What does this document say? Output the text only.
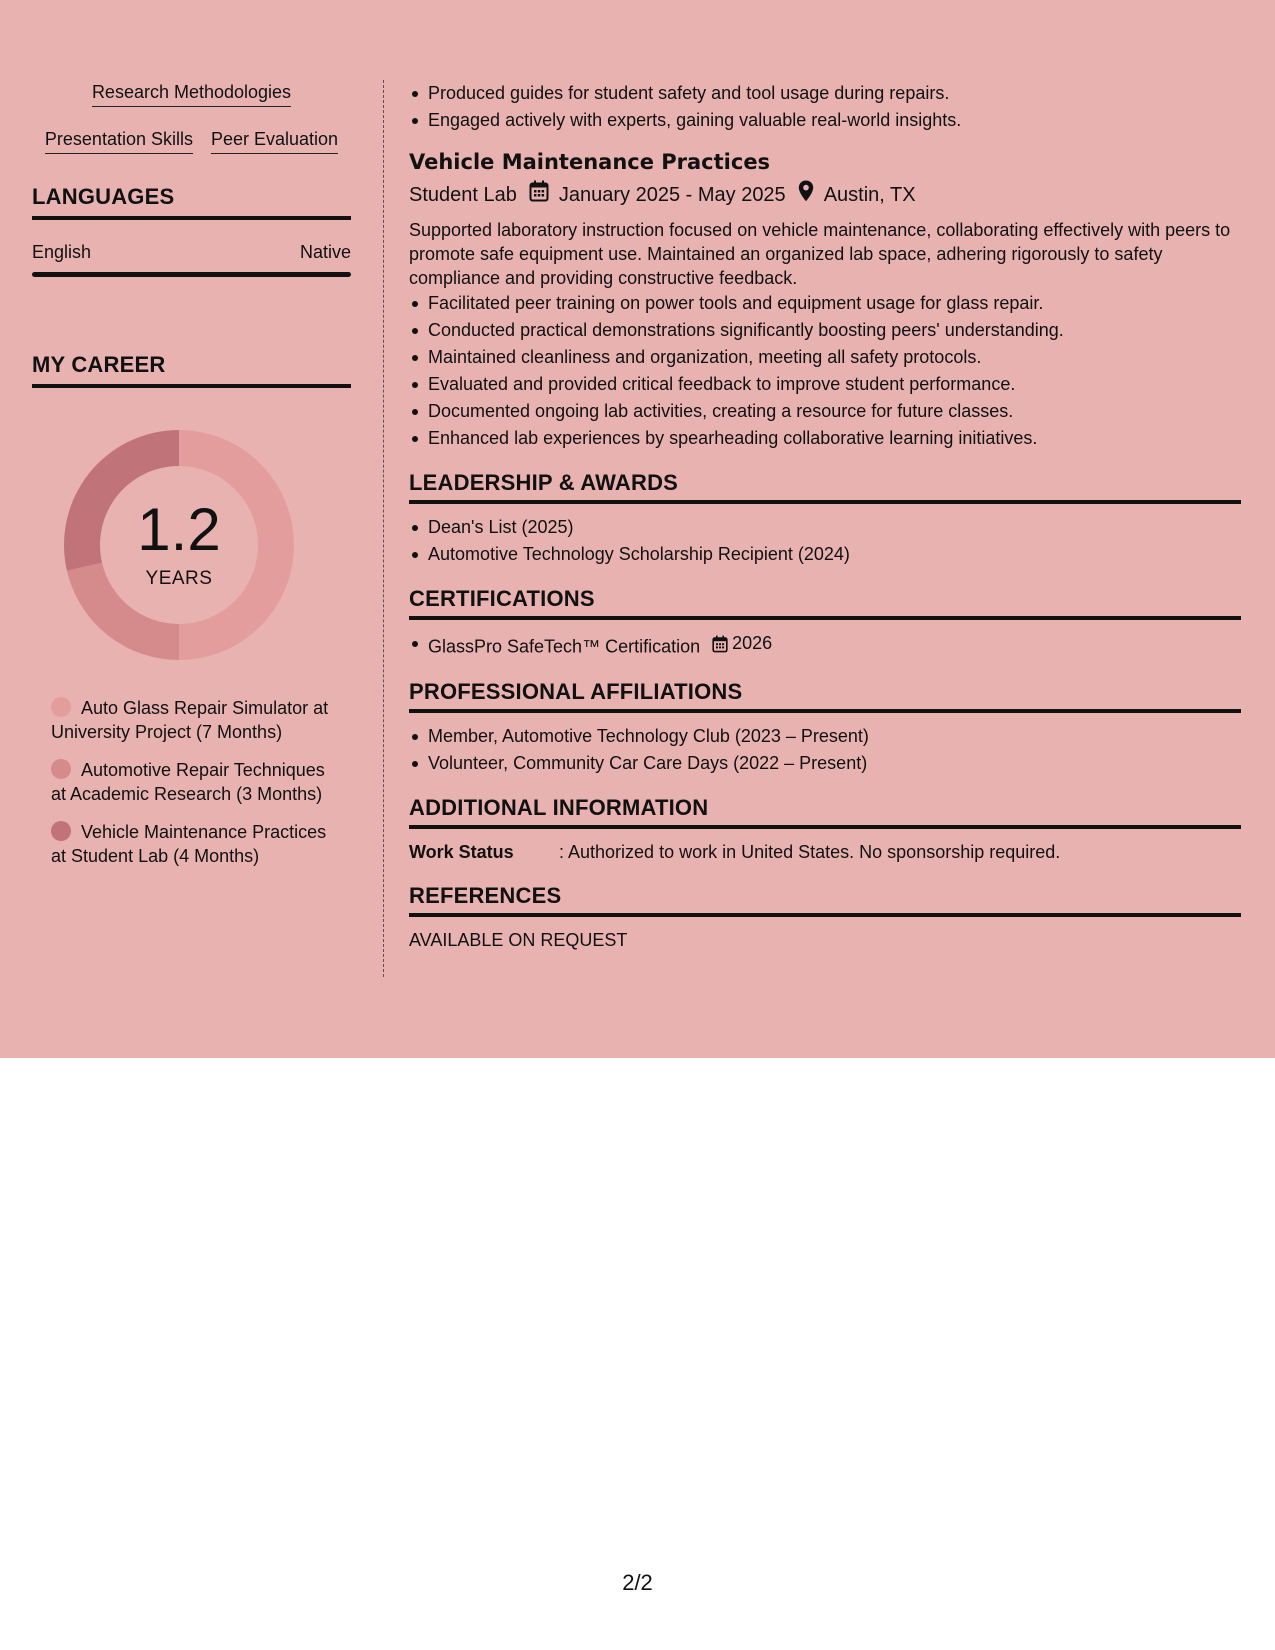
Research Methodologies
Presentation Skills Peer Evaluation
LANGUAGES
English	Native
MY CAREER
1.2
YEARS
Auto Glass Repair Simulator at University Project (7 Months)
Automotive Repair Techniques at Academic Research (3 Months)
Vehicle Maintenance Practices at Student Lab (4 Months)
Produced guides for student safety and tool usage during repairs.
Engaged actively with experts, gaining valuable real-world insights.
Vehicle Maintenance Practices
Student Lab January 2025 - May 2025 Austin, TX
Supported laboratory instruction focused on vehicle maintenance, collaborating effectively with peers to promote safe equipment use. Maintained an organized lab space, adhering rigorously to safety compliance and providing constructive feedback.
Facilitated peer training on power tools and equipment usage for glass repair.
Conducted practical demonstrations significantly boosting peers' understanding.
Maintained cleanliness and organization, meeting all safety protocols.
Evaluated and provided critical feedback to improve student performance.
Documented ongoing lab activities, creating a resource for future classes.
Enhanced lab experiences by spearheading collaborative learning initiatives.
LEADERSHIP & AWARDS
Dean's List (2025)
Automotive Technology Scholarship Recipient (2024)
CERTIFICATIONS
GlassPro SafeTech™ Certification 2026
PROFESSIONAL AFFILIATIONS
Member, Automotive Technology Club (2023 – Present)
Volunteer, Community Car Care Days (2022 – Present)
ADDITIONAL INFORMATION
Work Status	: Authorized to work in United States. No sponsorship required.
REFERENCES
AVAILABLE ON REQUEST
2/2
